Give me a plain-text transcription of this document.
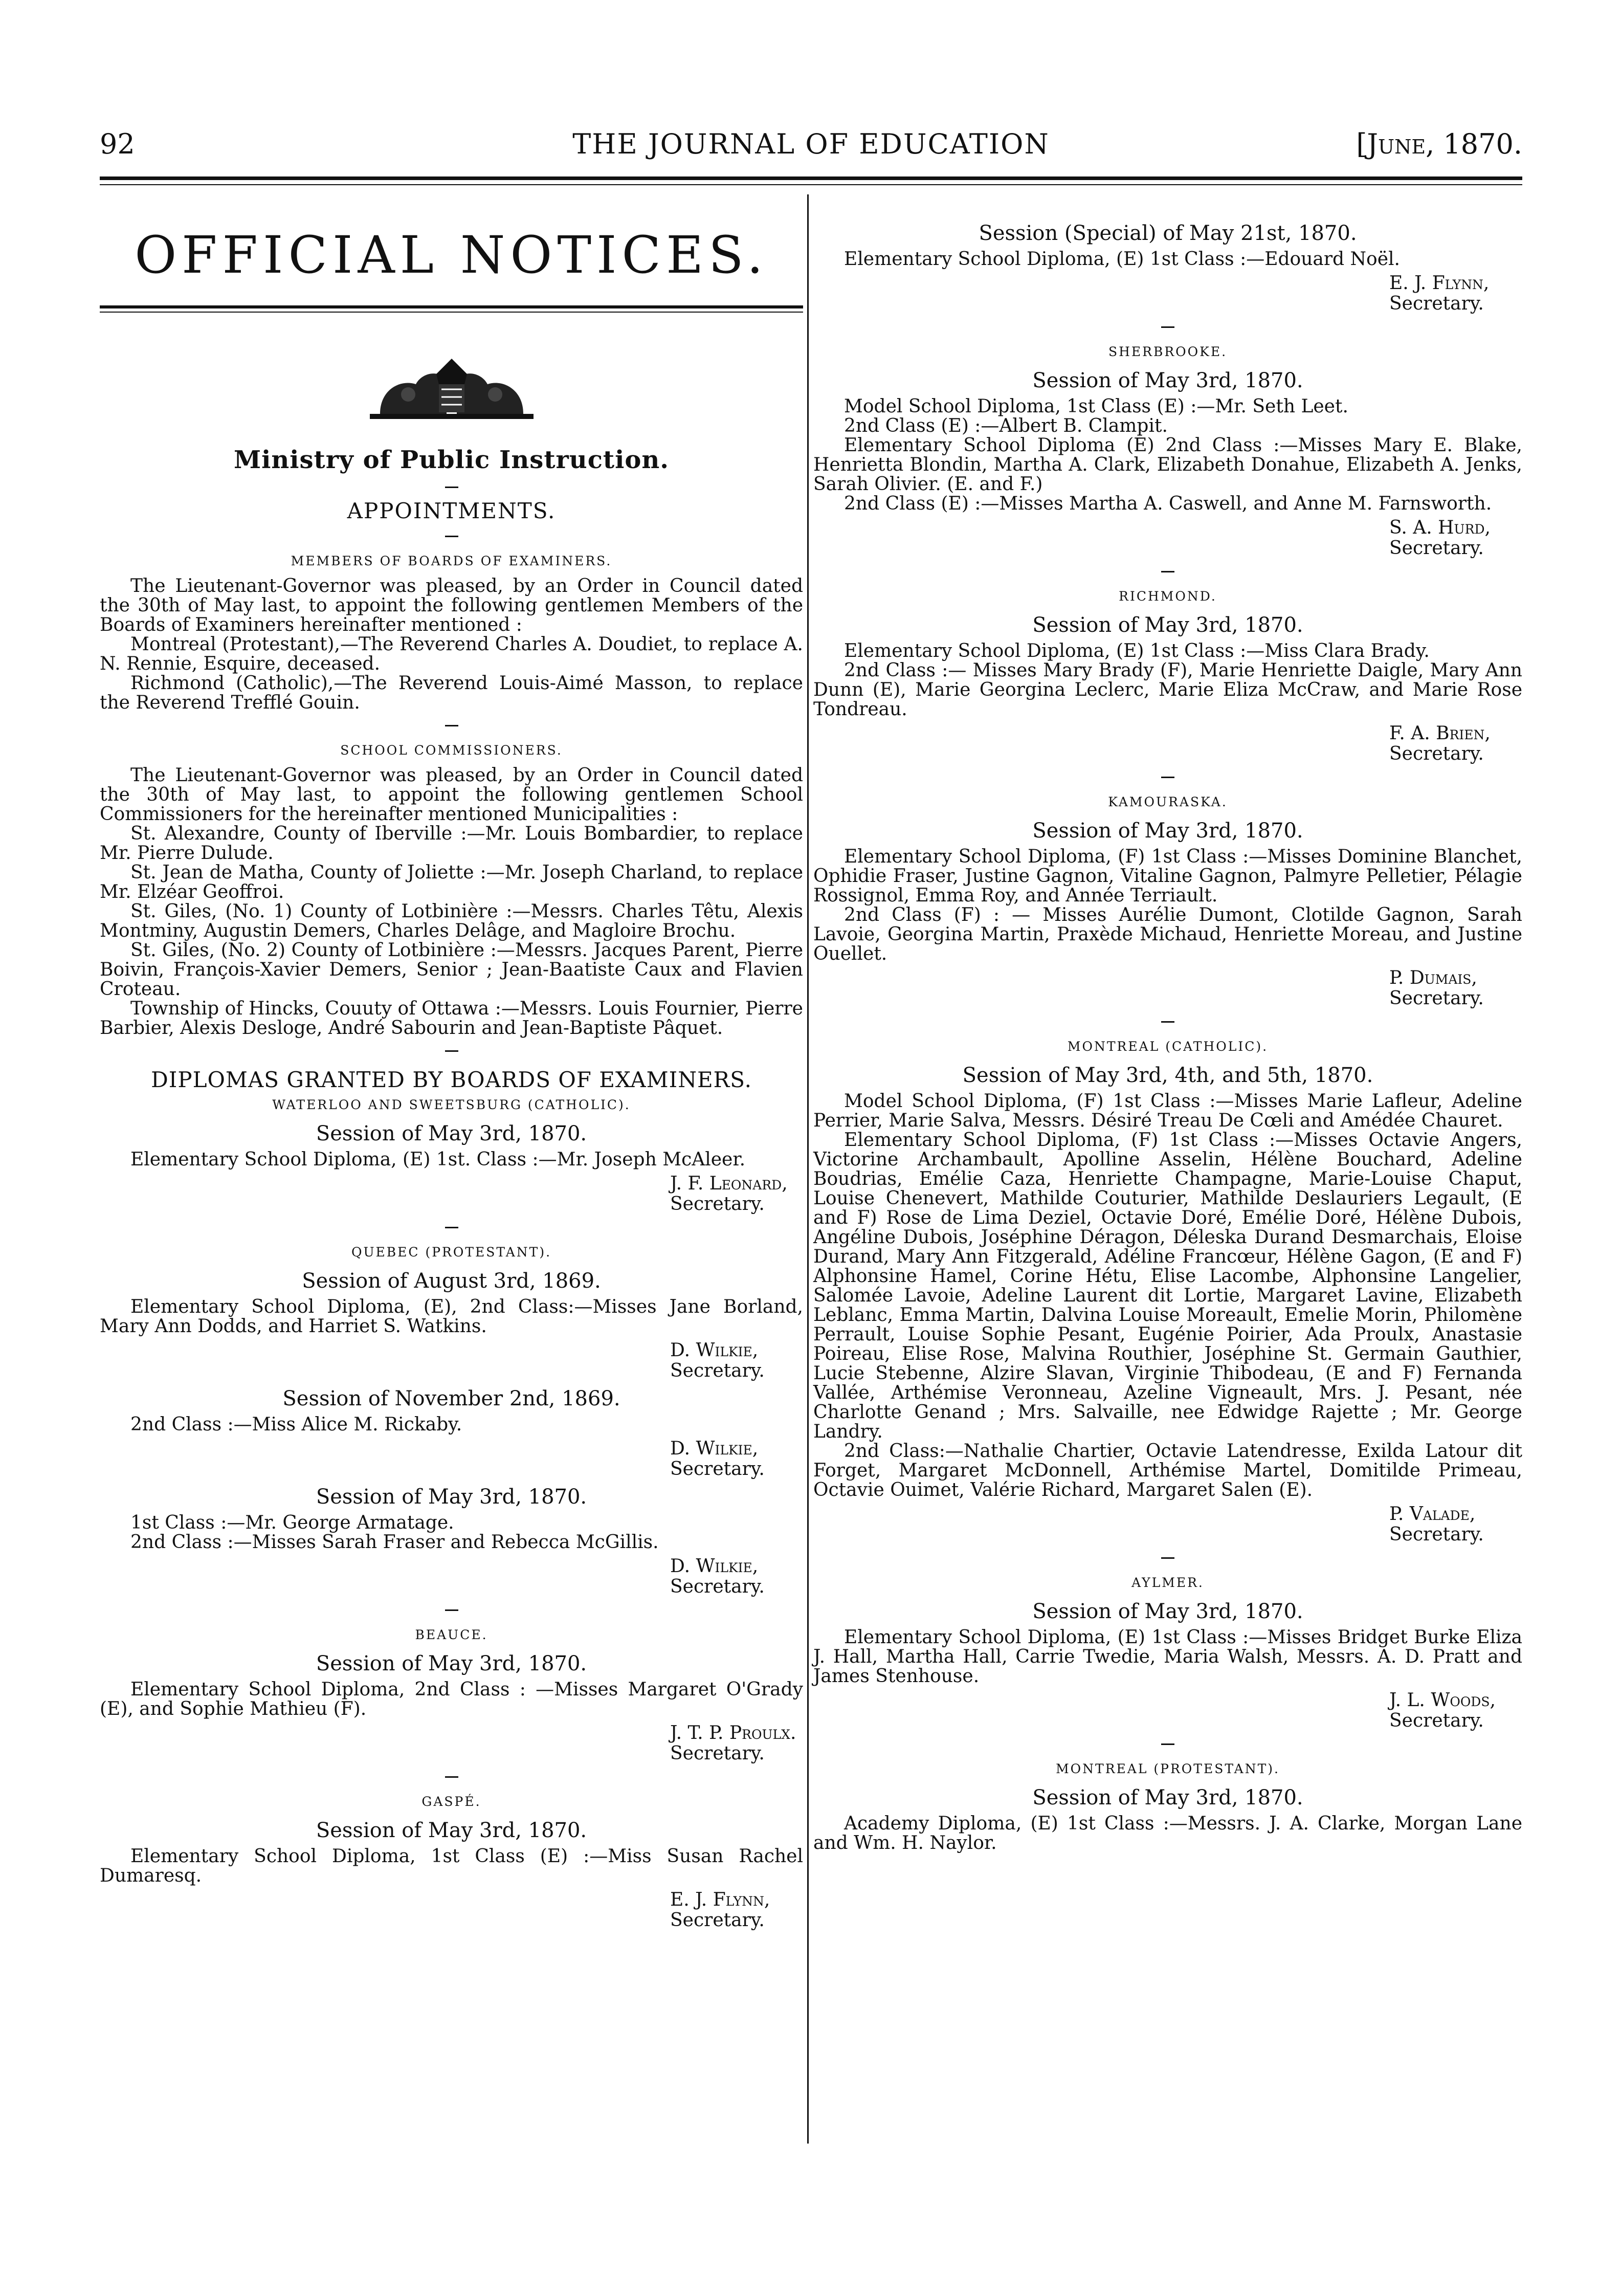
92	THE JOURNAL OF EDUCATION	[June, 1870.
OFFICIAL NOTICES.
Ministry of Public Instruction.
APPOINTMENTS.
MEMBERS OF BOARDS OF EXAMINERS.

The Lieutenant-Governor was pleased, by an Order in Council dated the 30th of May last, to appoint the following gentlemen Members of the Boards of Examiners hereinafter mentioned :

Montreal (Protestant),—The Reverend Charles A. Doudiet, to replace A. N. Rennie, Esquire, deceased.

Richmond (Catholic),—The Reverend Louis-Aimé Masson, to replace the Reverend Trefflé Gouin.

SCHOOL COMMISSIONERS.

The Lieutenant-Governor was pleased, by an Order in Council dated the 30th of May last, to appoint the following gentlemen School Commissioners for the hereinafter mentioned Municipalities :

St. Alexandre, County of Iberville :—Mr. Louis Bombardier, to replace Mr. Pierre Dulude.

St. Jean de Matha, County of Joliette :—Mr. Joseph Charland, to replace Mr. Elzéar Geoffroi.

St. Giles, (No. 1) County of Lotbinière :—Messrs. Charles Têtu, Alexis Montminy, Augustin Demers, Charles Delâge, and Magloire Brochu.

St. Giles, (No. 2) County of Lotbinière :—Messrs. Jacques Parent, Pierre Boivin, François-Xavier Demers, Senior ; Jean-Baatiste Caux and Flavien Croteau.

Township of Hincks, Couuty of Ottawa :—Messrs. Louis Fournier, Pierre Barbier, Alexis Desloge, André Sabourin and Jean-Baptiste Pâquet.

DIPLOMAS GRANTED BY BOARDS OF EXAMINERS.
WATERLOO AND SWEETSBURG (CATHOLIC).

Session of May 3rd, 1870.

Elementary School Diploma, (E) 1st. Class :—Mr. Joseph McAleer.

J. F. Leonard,
Secretary.
QUEBEC (PROTESTANT).

Session of August 3rd, 1869.

Elementary School Diploma, (E), 2nd Class:—Misses Jane Borland, Mary Ann Dodds, and Harriet S. Watkins.

D. Wilkie,
Secretary.

Session of November 2nd, 1869.

2nd Class :—Miss Alice M. Rickaby.

D. Wilkie,
Secretary.

Session of May 3rd, 1870.

1st Class :—Mr. George Armatage.

2nd Class :—Misses Sarah Fraser and Rebecca McGillis.

D. Wilkie,
Secretary.
BEAUCE.

Session of May 3rd, 1870.

Elementary School Diploma, 2nd Class : —Misses Margaret O'Grady (E), and Sophie Mathieu (F).

J. T. P. Proulx.
Secretary.
GASPÉ.

Session of May 3rd, 1870.

Elementary School Diploma, 1st Class (E) :—Miss Susan Rachel Dumaresq.

E. J. Flynn,
Secretary.

Session (Special) of May 21st, 1870.

Elementary School Diploma, (E) 1st Class :—Edouard Noël.

E. J. Flynn,
Secretary.
SHERBROOKE.

Session of May 3rd, 1870.

Model School Diploma, 1st Class (E) :—Mr. Seth Leet.

2nd Class (E) :—Albert B. Clampit.

Elementary School Diploma (E) 2nd Class :—Misses Mary E. Blake, Henrietta Blondin, Martha A. Clark, Elizabeth Donahue, Elizabeth A. Jenks, Sarah Olivier. (E. and F.)

2nd Class (E) :—Misses Martha A. Caswell, and Anne M. Farnsworth.

S. A. Hurd,
Secretary.
RICHMOND.

Session of May 3rd, 1870.

Elementary School Diploma, (E) 1st Class :—Miss Clara Brady.

2nd Class :— Misses Mary Brady (F), Marie Henriette Daigle, Mary Ann Dunn (E), Marie Georgina Leclerc, Marie Eliza McCraw, and Marie Rose Tondreau.

F. A. Brien,
Secretary.
KAMOURASKA.

Session of May 3rd, 1870.

Elementary School Diploma, (F) 1st Class :—Misses Dominine Blanchet, Ophidie Fraser, Justine Gagnon, Vitaline Gagnon, Palmyre Pelletier, Pélagie Rossignol, Emma Roy, and Année Terriault.

2nd Class (F) : — Misses Aurélie Dumont, Clotilde Gagnon, Sarah Lavoie, Georgina Martin, Praxède Michaud, Henriette Moreau, and Justine Ouellet.

P. Dumais,
Secretary.
MONTREAL (CATHOLIC).

Session of May 3rd, 4th, and 5th, 1870.

Model School Diploma, (F) 1st Class :—Misses Marie Lafleur, Adeline Perrier, Marie Salva, Messrs. Désiré Treau De Cœli and Amédée Chauret.

Elementary School Diploma, (F) 1st Class :—Misses Octavie Angers, Victorine Archambault, Apolline Asselin, Hélène Bouchard, Adeline Boudrias, Emélie Caza, Henriette Champagne, Marie-Louise Chaput, Louise Chenevert, Mathilde Couturier, Mathilde Deslauriers Legault, (E and F) Rose de Lima Deziel, Octavie Doré, Emélie Doré, Hélène Dubois, Angéline Dubois, Joséphine Déragon, Déleska Durand Desmarchais, Eloise Durand, Mary Ann Fitzgerald, Adéline Francœur, Hélène Gagon, (E and F) Alphonsine Hamel, Corine Hétu, Elise Lacombe, Alphonsine Langelier, Salomée Lavoie, Adeline Laurent dit Lortie, Margaret Lavine, Elizabeth Leblanc, Emma Martin, Dalvina Louise Moreault, Emelie Morin, Philomène Perrault, Louise Sophie Pesant, Eugénie Poirier, Ada Proulx, Anastasie Poireau, Elise Rose, Malvina Routhier, Joséphine St. Germain Gauthier, Lucie Stebenne, Alzire Slavan, Virginie Thibodeau, (E and F) Fernanda Vallée, Arthémise Veronneau, Azeline Vigneault, Mrs. J. Pesant, née Charlotte Genand ; Mrs. Salvaille, nee Edwidge Rajette ; Mr. George Landry.

2nd Class:—Nathalie Chartier, Octavie Latendresse, Exilda Latour dit Forget, Margaret McDonnell, Arthémise Martel, Domitilde Primeau, Octavie Ouimet, Valérie Richard, Margaret Salen (E).

P. Valade,
Secretary.
AYLMER.

Session of May 3rd, 1870.

Elementary School Diploma, (E) 1st Class :—Misses Bridget Burke Eliza J. Hall, Martha Hall, Carrie Twedie, Maria Walsh, Messrs. A. D. Pratt and James Stenhouse.

J. L. Woods,
Secretary.
MONTREAL (PROTESTANT).

Session of May 3rd, 1870.

Academy Diploma, (E) 1st Class :—Messrs. J. A. Clarke, Morgan Lane and Wm. H. Naylor.
